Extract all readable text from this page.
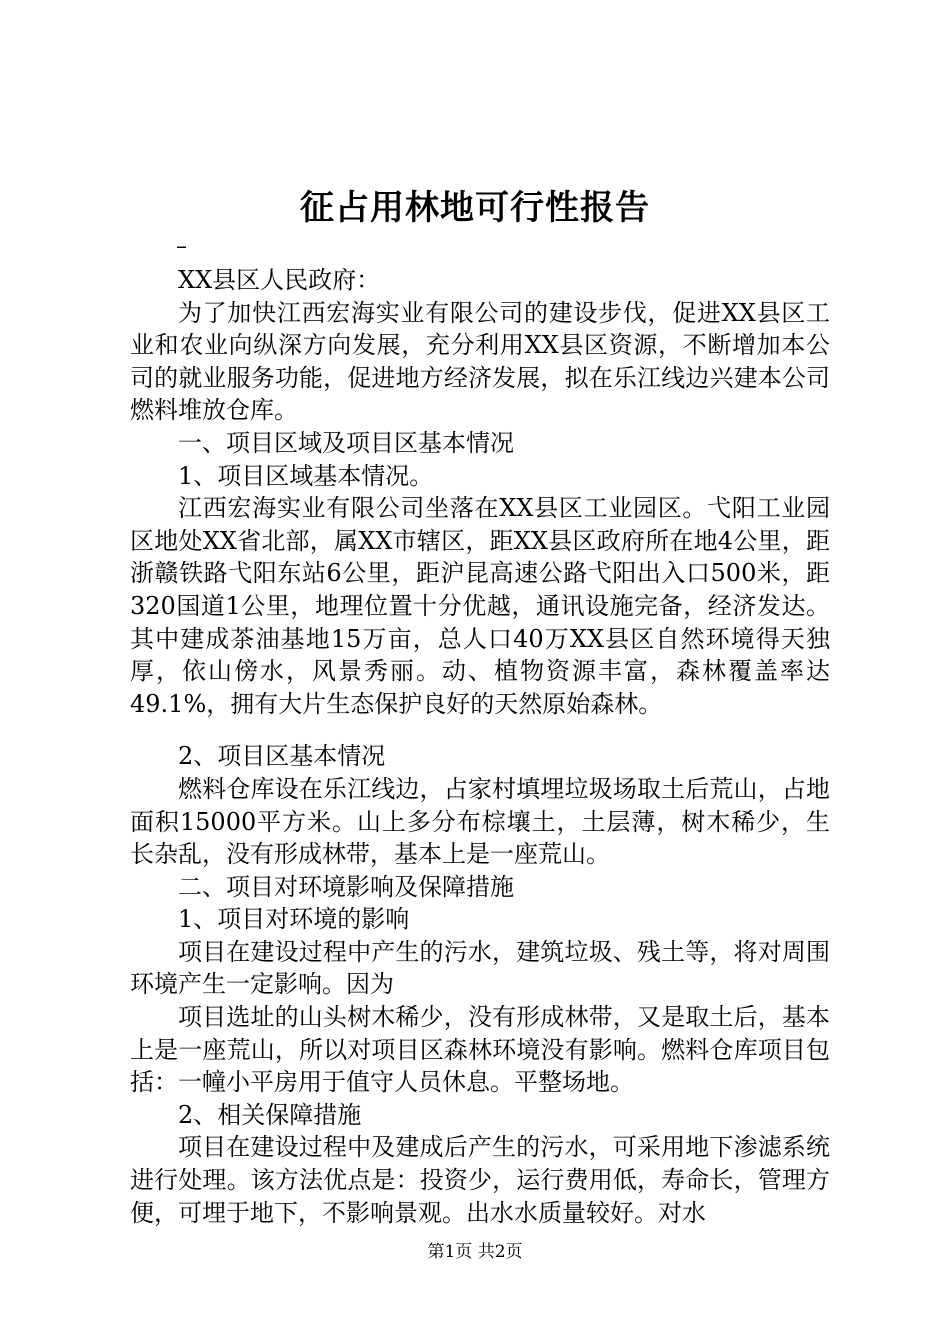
征占用林地可行性报告
–

XX县区人民政府：

为了加快江西宏海实业有限公司的建设步伐，促进XX县区工业和农业向纵深方向发展，充分利用XX县区资源，不断增加本公司的就业服务功能，促进地方经济发展，拟在乐江线边兴建本公司燃料堆放仓库。

一、项目区域及项目区基本情况

1、项目区域基本情况。

江西宏海实业有限公司坐落在XX县区工业园区。弋阳工业园区地处XX省北部，属XX市辖区，距XX县区政府所在地4公里，距浙赣铁路弋阳东站6公里，距沪昆高速公路弋阳出入口500米，距320国道1公里，地理位置十分优越，通讯设施完备，经济发达。其中建成茶油基地15万亩，总人口40万XX县区自然环境得天独厚，依山傍水，风景秀丽。动、植物资源丰富，森林覆盖率达49.1%，拥有大片生态保护良好的天然原始森林。

2、项目区基本情况

燃料仓库设在乐江线边，占家村填埋垃圾场取土后荒山，占地面积15000平方米。山上多分布棕壤土，土层薄，树木稀少，生长杂乱，没有形成林带，基本上是一座荒山。

二、项目对环境影响及保障措施

1、项目对环境的影响

项目在建设过程中产生的污水，建筑垃圾、残土等，将对周围环境产生一定影响。因为

项目选址的山头树木稀少，没有形成林带，又是取土后，基本上是一座荒山，所以对项目区森林环境没有影响。燃料仓库项目包括：一幢小平房用于值守人员休息。平整场地。

2、相关保障措施

项目在建设过程中及建成后产生的污水，可采用地下渗滤系统进行处理。该方法优点是：投资少，运行费用低，寿命长，管理方便，可埋于地下，不影响景观。出水水质量较好。对水

第1页 共2页
